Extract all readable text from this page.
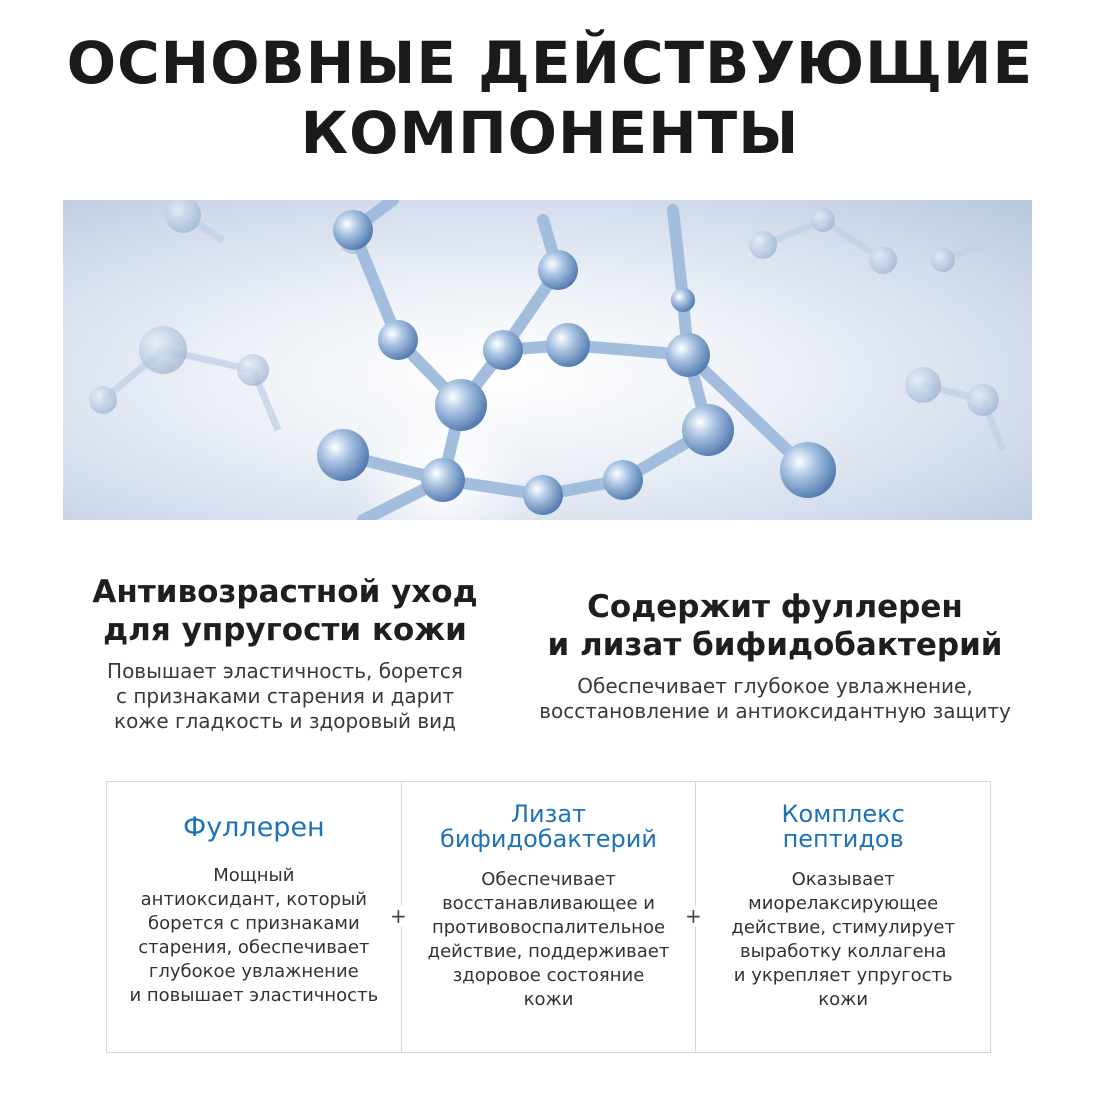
ОСНОВНЫЕ ДЕЙСТВУЮЩИЕ
КОМПОНЕНТЫ
Антивозрастной уход
для упругости кожи

Повышает эластичность, борется
с признаками старения и дарит
коже гладкость и здоровый вид

Содержит фуллерен
и лизат бифидобактерий

Обеспечивает глубокое увлажнение,
восстановление и антиоксидантную защиту

Фуллерен

Мощный
антиоксидант, который
борется с признаками
старения, обеспечивает
глубокое увлажнение
и повышает эластичность

Лизат
бифидобактерий

Обеспечивает
восстанавливающее и
противовоспалительное
действие, поддерживает
здоровое состояние
кожи

Комплекс
пептидов

Оказывает
миорелаксирующее
действие, стимулирует
выработку коллагена
и укрепляет упругость
кожи

+	+
